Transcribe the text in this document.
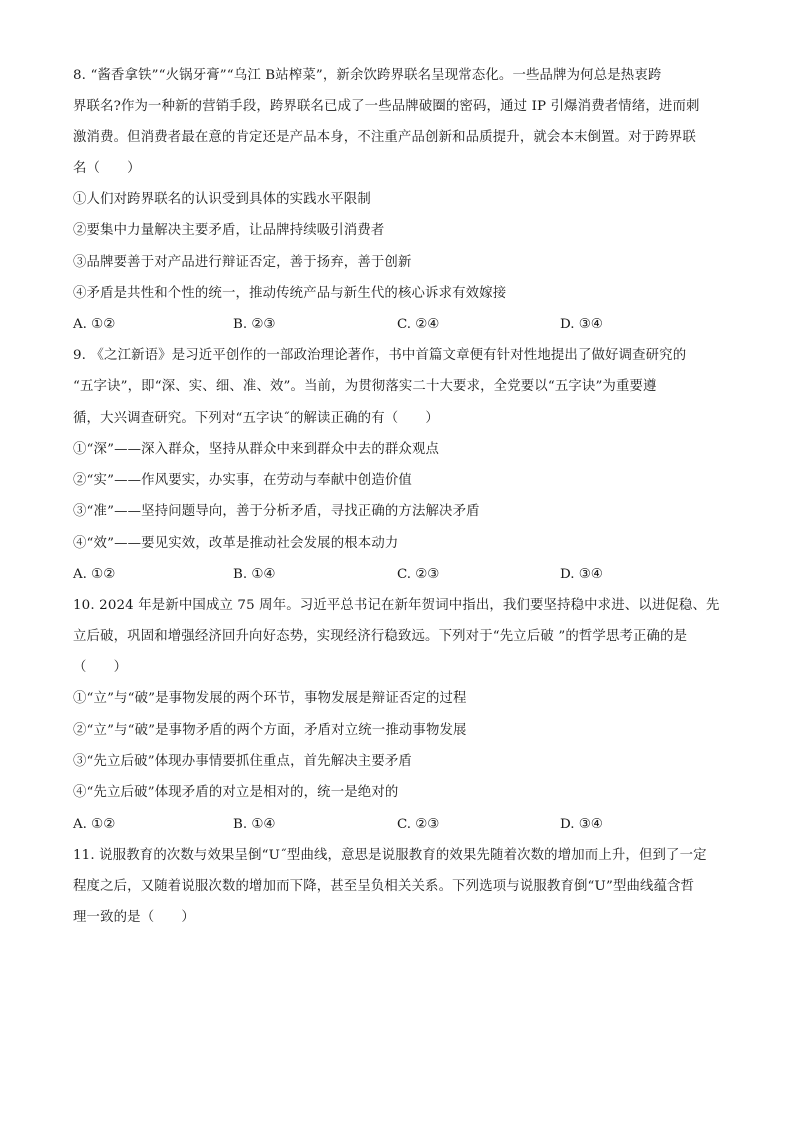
8. “酱香拿铁”“火锅牙膏”“乌江 B站榨菜”，新余饮跨界联名呈现常态化。一些品牌为何总是热衷跨
界联名?作为一种新的营销手段，跨界联名已成了一些品牌破圈的密码，通过 IP 引爆消费者情绪，进而刺
激消费。但消费者最在意的肯定还是产品本身，不注重产品创新和品质提升，就会本末倒置。对于跨界联
名（　　）
①人们对跨界联名的认识受到具体的实践水平限制
②要集中力量解决主要矛盾，让品牌持续吸引消费者
③品牌要善于对产品进行辩证否定，善于扬弃，善于创新
④矛盾是共性和个性的统一，推动传统产品与新生代的核心诉求有效嫁接
A. ①②	B. ②③	C. ②④	D. ③④
9. 《之江新语》是习近平创作的一部政治理论著作，书中首篇文章便有针对性地提出了做好调查研究的
“五字诀”，即“深、实、细、准、效”。当前，为贯彻落实二十大要求，全党要以“五字诀”为重要遵
循，大兴调查研究。下列对“五字诀˝的解读正确的有（　　）
①“深”——深入群众，坚持从群众中来到群众中去的群众观点
②“实”——作风要实，办实事，在劳动与奉献中创造价值
③“准”——坚持问题导向，善于分析矛盾，寻找正确的方法解决矛盾
④“效”——要见实效，改革是推动社会发展的根本动力
A. ①②	B. ①④	C. ②③	D. ③④
10. 2024 年是新中国成立 75 周年。习近平总书记在新年贺词中指出，我们要坚持稳中求进、以进促稳、先
立后破，巩固和增强经济回升向好态势，实现经济行稳致远。下列对于“先立后破 ”的哲学思考正确的是
（　　）
①“立”与“破”是事物发展的两个环节，事物发展是辩证否定的过程
②“立”与“破”是事物矛盾的两个方面，矛盾对立统一推动事物发展
③“先立后破”体现办事情要抓住重点，首先解决主要矛盾
④“先立后破”体现矛盾的对立是相对的，统一是绝对的
A. ①②	B. ①④	C. ②③	D. ③④
11. 说服教育的次数与效果呈倒“U˝型曲线，意思是说服教育的效果先随着次数的增加而上升，但到了一定
程度之后，又随着说服次数的增加而下降，甚至呈负相关关系。下列选项与说服教育倒“U”型曲线蕴含哲
理一致的是（　　）
